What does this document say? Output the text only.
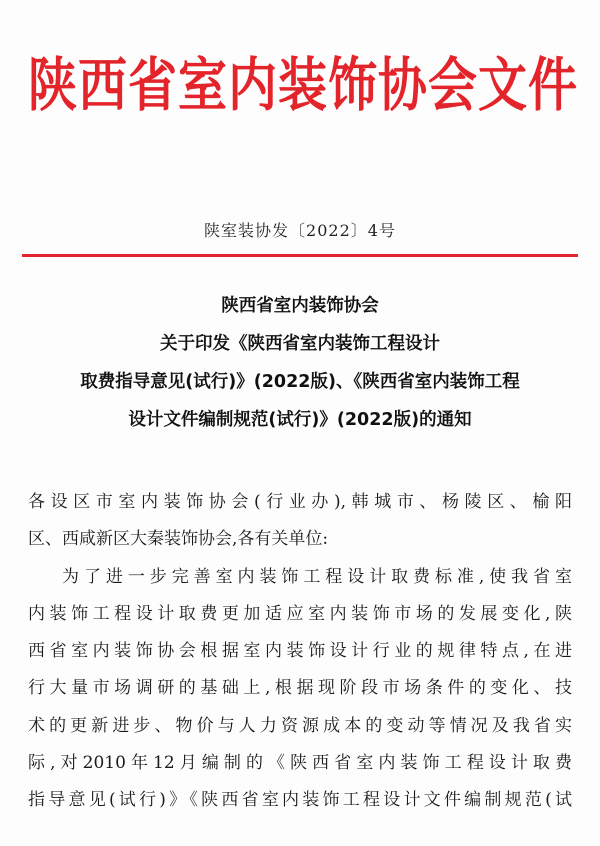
陕西省室内装饰协会文件
陕室装协发〔2022〕4号
陕西省室内装饰协会
关于印发《陕西省室内装饰工程设计
取费指导意见(试行)》(2022版)、《陕西省室内装饰工程
设计文件编制规范(试行)》(2022版)的通知
各设区市室内装饰协会(行业办),韩城市、杨陵区、榆阳
区、西咸新区大秦装饰协会,各有关单位:
为了进一步完善室内装饰工程设计取费标准,使我省室
内装饰工程设计取费更加适应室内装饰市场的发展变化,陕
西省室内装饰协会根据室内装饰设计行业的规律特点,在进
行大量市场调研的基础上,根据现阶段市场条件的变化、技
术的更新进步、物价与人力资源成本的变动等情况及我省实
际,对2010年12月编制的《陕西省室内装饰工程设计取费
指导意见(试行)》《陕西省室内装饰工程设计文件编制规范(试
